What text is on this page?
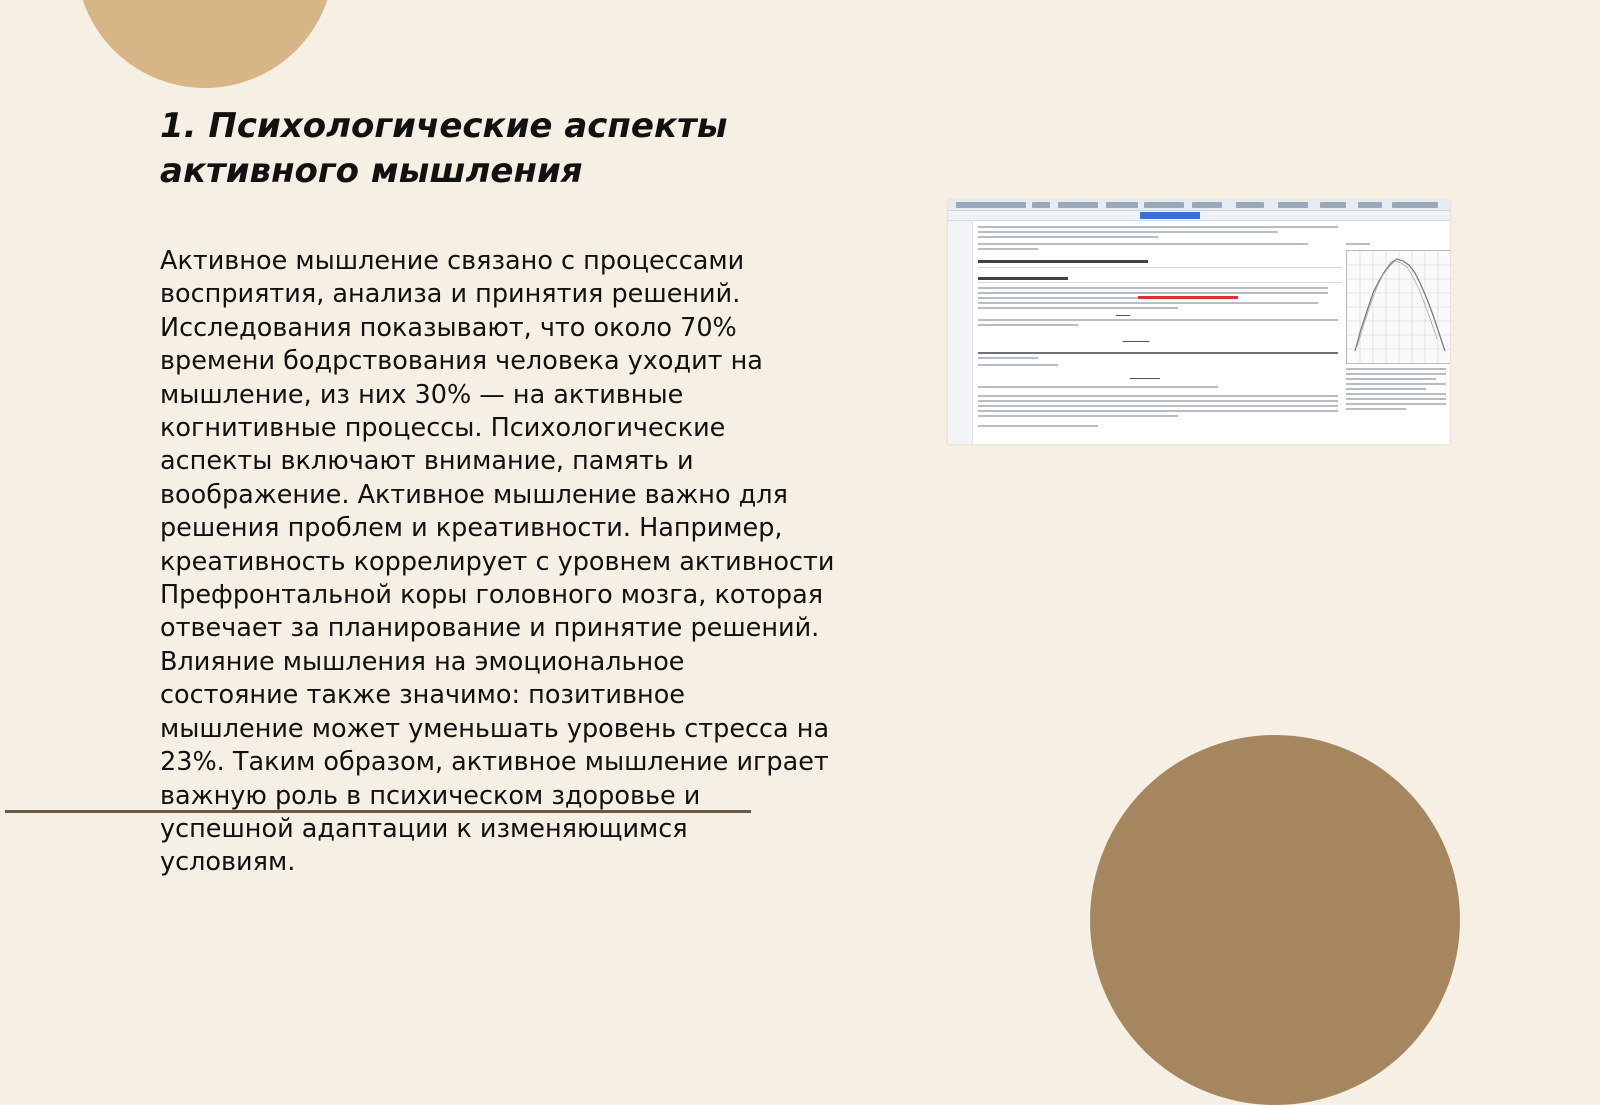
1. Психологические аспекты
активного мышления

Активное мышление связано с процессами
восприятия, анализа и принятия решений.
Исследования показывают, что около 70%
времени бодрствования человека уходит на
мышление, из них 30% — на активные
когнитивные процессы. Психологические
аспекты включают внимание, память и
воображение. Активное мышление важно для
решения проблем и креативности. Например,
креативность коррелирует с уровнем активности
Префронтальной коры головного мозга, которая
отвечает за планирование и принятие решений.
Влияние мышления на эмоциональное
состояние также значимо: позитивное
мышление может уменьшать уровень стресса на
23%. Таким образом, активное мышление играет
важную роль в психическом здоровье и
успешной адаптации к изменяющимся
условиям.
